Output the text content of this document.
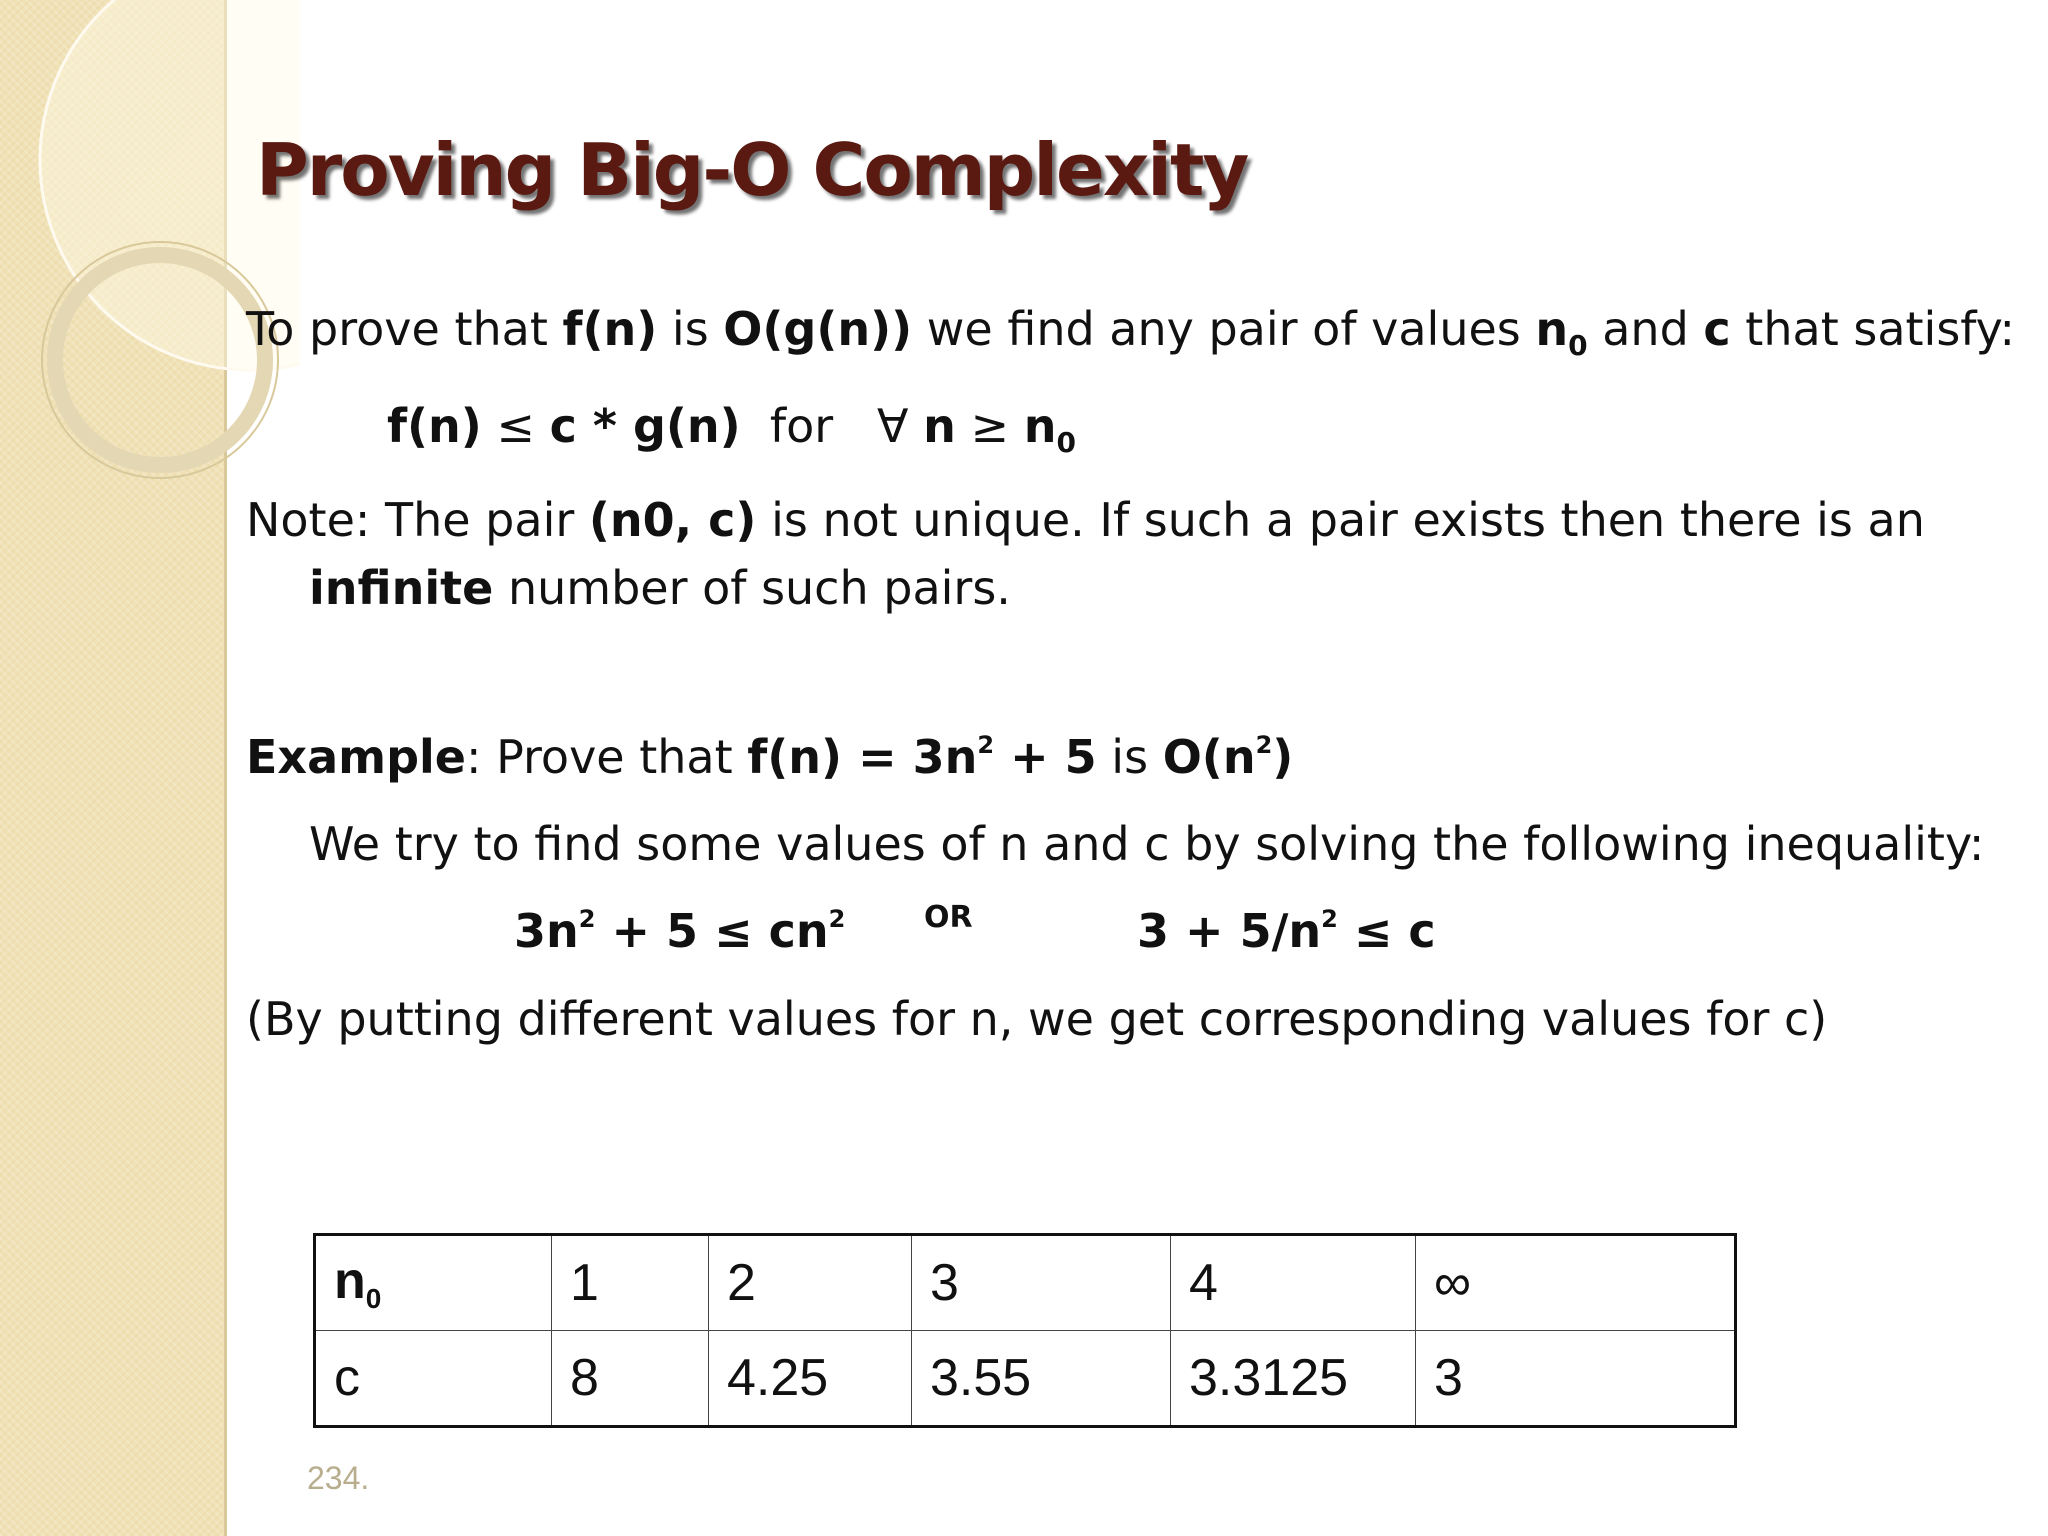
Proving Big-O Complexity
To prove that f(n) is O(g(n)) we find any pair of values $n_0$ and c that satisfy:
f(n) ≤ c * g(n)  for   ∀ $n \ge n_0$
Note: The pair (n0, c) is not unique. If such a pair exists then there is an
infinite number of such pairs.
Example: Prove that $f(n) = 3n^2 + 5$ is $O(n^2)$
We try to find some values of n and c by solving the following inequality:
$3n^2 + 5 \le cn^2$	OR	$3 + 5/n^2 \le c$
(By putting different values for n, we get corresponding values for c)
$n_0$	1	2	3	4	∞
c	8	4.25	3.55	3.3125	3
234.
